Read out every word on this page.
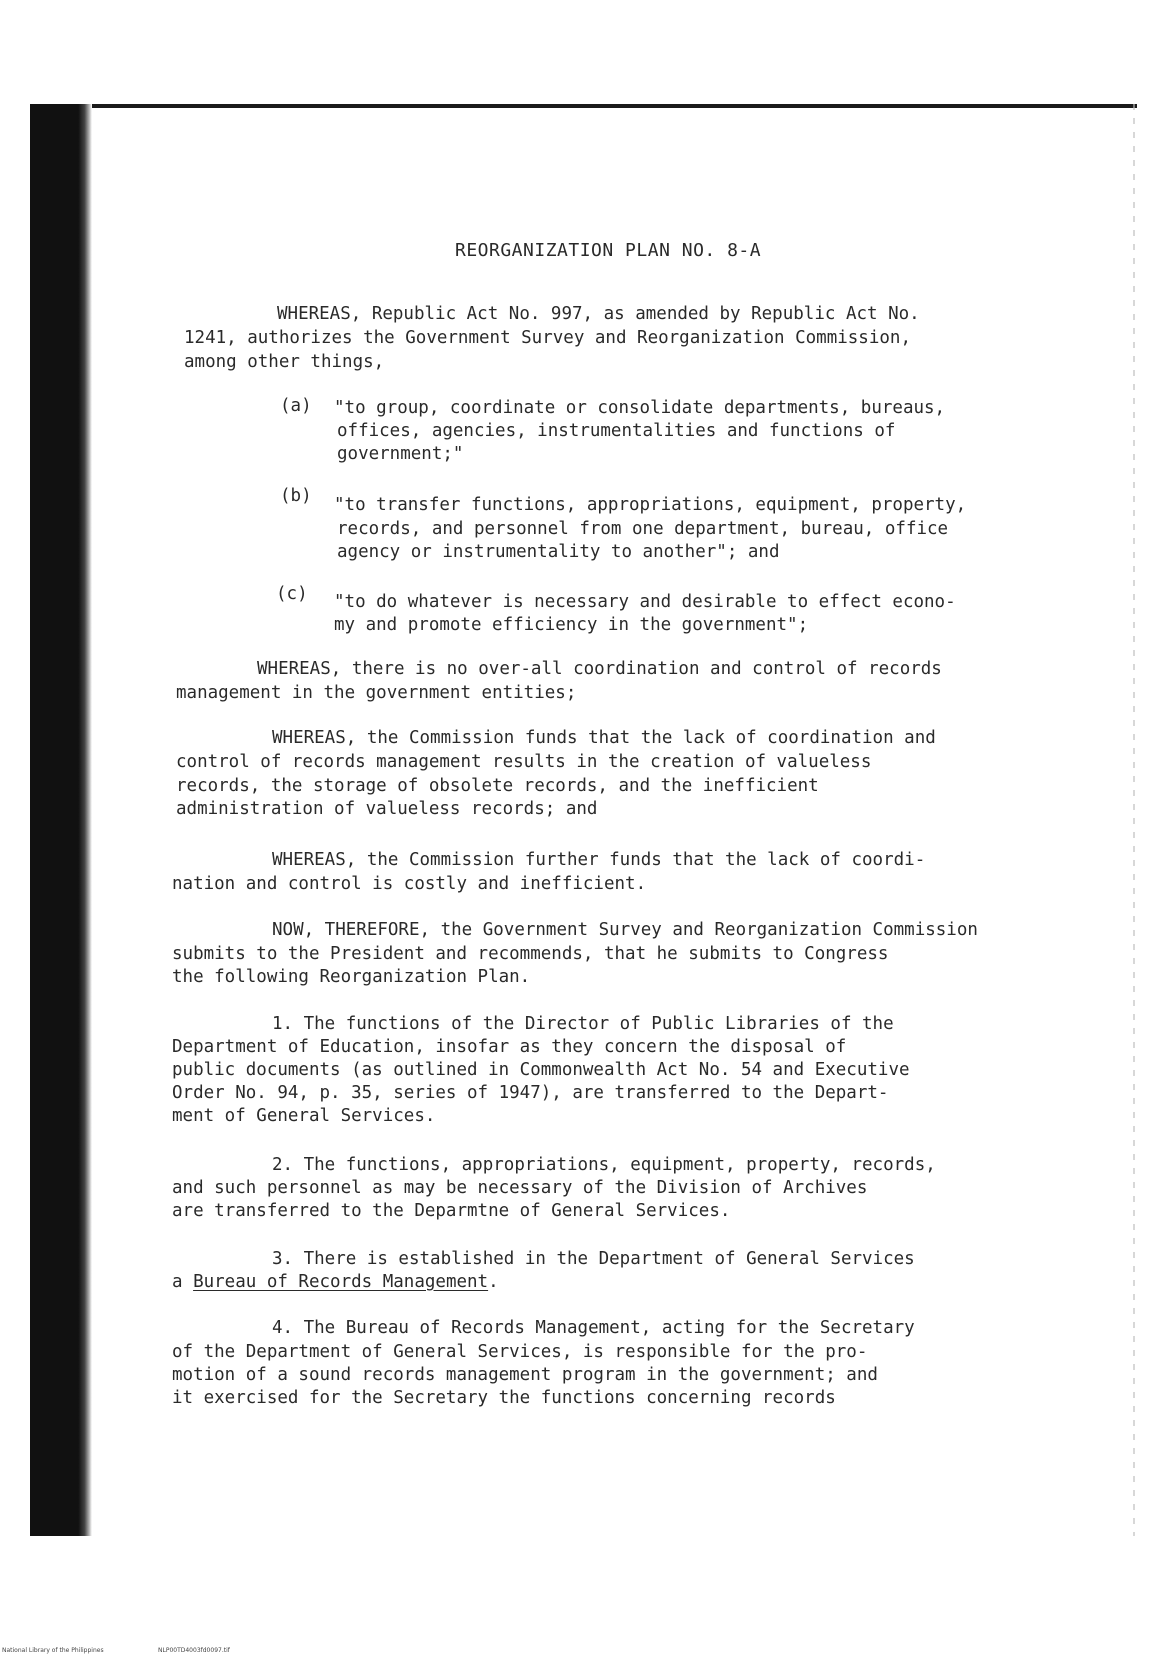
REORGANIZATION PLAN NO. 8-A

WHEREAS, Republic Act No. 997, as amended by Republic Act No.

1241, authorizes the Government Survey and Reorganization Commission,

among other things,

(a) "to group, coordinate or consolidate departments, bureaus,

offices, agencies, instrumentalities and functions of

government;"

(b) "to transfer functions, appropriations, equipment, property,

records, and personnel from one department, bureau, office

agency or instrumentality to another"; and

(c) "to do whatever is necessary and desirable to effect econo-

my and promote efficiency in the government";

WHEREAS, there is no over-all coordination and control of records

management in the government entities;

WHEREAS, the Commission funds that the lack of coordination and

control of records management results in the creation of valueless

records, the storage of obsolete records, and the inefficient

administration of valueless records; and

WHEREAS, the Commission further funds that the lack of coordi-

nation and control is costly and inefficient.

NOW, THEREFORE, the Government Survey and Reorganization Commission

submits to the President and recommends, that he submits to Congress

the following Reorganization Plan.

1. The functions of the Director of Public Libraries of the

Department of Education, insofar as they concern the disposal of

public documents (as outlined in Commonwealth Act No. 54 and Executive

Order No. 94, p. 35, series of 1947), are transferred to the Depart-

ment of General Services.

2. The functions, appropriations, equipment, property, records,

and such personnel as may be necessary of the Division of Archives

are transferred to the Deparmtne of General Services.

3. There is established in the Department of General Services

a Bureau of Records Management.

4. The Bureau of Records Management, acting for the Secretary

of the Department of General Services, is responsible for the pro-

motion of a sound records management program in the government; and

it exercised for the Secretary the functions concerning records

National Library of the Philippines	NLP00TD4003fd0097.tif
